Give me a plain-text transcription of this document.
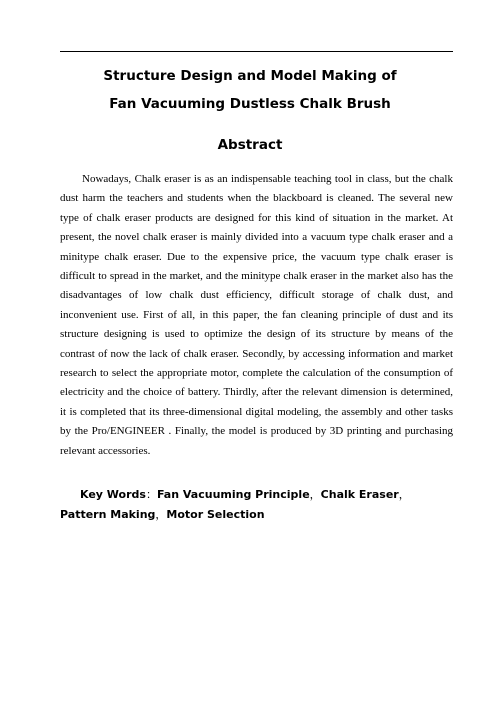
Structure Design and Model Making of
Fan Vacuuming Dustless Chalk Brush
Abstract

Nowadays, Chalk eraser is as an indispensable teaching tool in class, but the chalk dust harm the teachers and students when the blackboard is cleaned. The several new type of chalk eraser products are designed for this kind of situation in the market. At present, the novel chalk eraser is mainly divided into a vacuum type chalk eraser and a minitype chalk eraser. Due to the expensive price, the vacuum type chalk eraser is difficult to spread in the market, and the minitype chalk eraser in the market also has the disadvantages of low chalk dust efficiency, difficult storage of chalk dust, and inconvenient use. First of all, in this paper, the fan cleaning principle of dust and its structure designing is used to optimize the design of its structure by means of the contrast of now the lack of chalk eraser. Secondly, by accessing information and market research to select the appropriate motor, complete the calculation of the consumption of electricity and the choice of battery. Thirdly, after the relevant dimension is determined, it is completed that its three-dimensional digital modeling, the assembly and other tasks by the Pro/ENGINEER . Finally, the model is produced by 3D printing and purchasing relevant accessories.

Key Words：Fan Vacuuming Principle，Chalk Eraser，Pattern Making，Motor Selection
